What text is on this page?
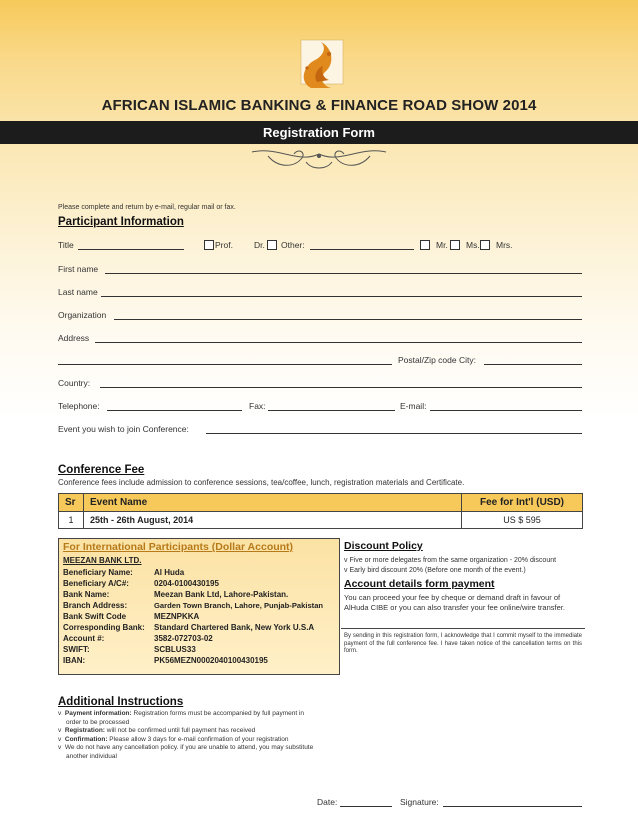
AFRICAN ISLAMIC BANKING & FINANCE ROAD SHOW 2014
Registration Form
Please complete and return by e-mail, regular mail or fax.
Participant Information
Title	Prof. Dr. Other:	Mr. Ms. Mrs.
First name
Last name
Organization
Address
Postal/Zip code City:
Country:
Telephone:	Fax:	E-mail:
Event you wish to join Conference:
Conference Fee
Conference fees include admission to conference sessions, tea/coffee, lunch, registration materials and Certificate.
Sr	Event Name	Fee for Int'l (USD)
1	25th - 26th August, 2014	US $ 595
For International Participants (Dollar Account)
MEEZAN BANK LTD.
Beneficiary Name:	Al Huda
Beneficiary A/C#:	0204-0100430195
Bank Name:	Meezan Bank Ltd, Lahore-Pakistan.
Branch Address:	Garden Town Branch, Lahore, Punjab-Pakistan
Bank Swift Code	MEZNPKKA
Corresponding Bank: Standard Chartered Bank, New York U.S.A
Account #:	3582-072703-02
SWIFT:	SCBLUS33
IBAN:	PK56MEZN0002040100430195
Discount Policy
v Five or more delegates from the same organization - 20% discount
v Early bird discount 20% (Before one month of the event.)
Account details form payment
You can proceed your fee by cheque or demand draft in favour of AlHuda CIBE or you can also transfer your fee online/wire transfer.
By sending in this registration form, I acknowledge that I commit myself to the immediate payment of the full conference fee. I have taken notice of the cancellation terms on this form.
Additional Instructions
v  Payment information: Registration forms must be accompanied by full payment in
order to be processed
v  Registration: will not be confirmed until full payment has received
v  Confirmation: Please allow 3 days for e-mail confirmation of your registration
v  We do not have any cancellation policy. if you are unable to attend, you may substitute
another individual
Date:	Signature:
